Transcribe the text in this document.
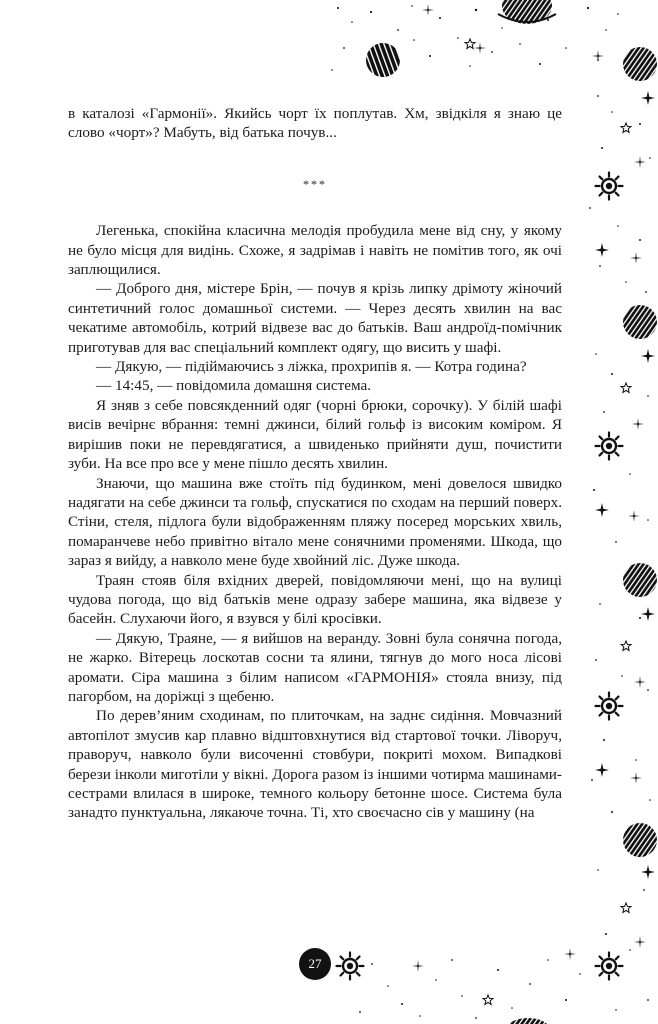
в каталозі «Гармонії». Якийсь чорт їх поплутав. Хм, звідкіля я знаю це слово «чорт»? Мабуть, від батька почув...

***

Легенька, спокійна класична мелодія пробудила мене від сну, у якому не було місця для видінь. Схоже, я задрімав і навіть не помітив того, як очі заплющилися.

— Доброго дня, містере Брін, — почув я крізь липку дрімоту жіночий синтетичний голос домашньої системи. — Через десять хвилин на вас чекатиме автомобіль, котрий відвезе вас до батьків. Ваш андроїд-помічник приготував для вас спеціальний комплект одягу, що висить у шафі.

— Дякую, — підіймаючись з ліжка, прохрипів я. — Котра година?

— 14:45, — повідомила домашня система.

Я зняв з себе повсякденний одяг (чорні брюки, сорочку). У білій шафі висів вечірнє вбрання: темні джинси, білий гольф із високим коміром. Я вирішив поки не перевдягатися, а швиденько прийняти душ, почистити зуби. На все про все у мене пішло десять хвилин.

Знаючи, що машина вже стоїть під будинком, мені довелося швидко надягати на себе джинси та гольф, спускатися по сходам на перший поверх. Стіни, стеля, підлога були відображенням пляжу посеред морських хвиль, помаранчеве небо привітно вітало мене сонячними променями. Шкода, що зараз я вийду, а навколо мене буде хвойний ліс. Дуже шкода.

Траян стояв біля вхідних дверей, повідомляючи мені, що на вулиці чудова погода, що від батьків мене одразу забере машина, яка відвезе у басейн. Слухаючи його, я взувся у білі кросівки.

— Дякую, Траяне, — я вийшов на веранду. Зовні була сонячна погода, не жарко. Вітерець лоскотав сосни та ялини, тягнув до мого носа лісові аромати. Сіра машина з білим написом «ГАРМОНІЯ» стояла внизу, під пагорбом, на доріжці з щебеню.

По дерев’яним сходинам, по плиточкам, на заднє сидіння. Мовчазний автопілот змусив кар плавно відштовхнутися від стартової точки. Ліворуч, праворуч, навколо були височенні стовбури, покриті мохом. Випадкові берези інколи миготіли у вікні. Дорога разом із іншими чотирма машинами-сестрами влилася в широке, темного кольору бетонне шосе. Система була занадто пунктуальна, лякаюче точна. Ті, хто своєчасно сів у машину (на

27
